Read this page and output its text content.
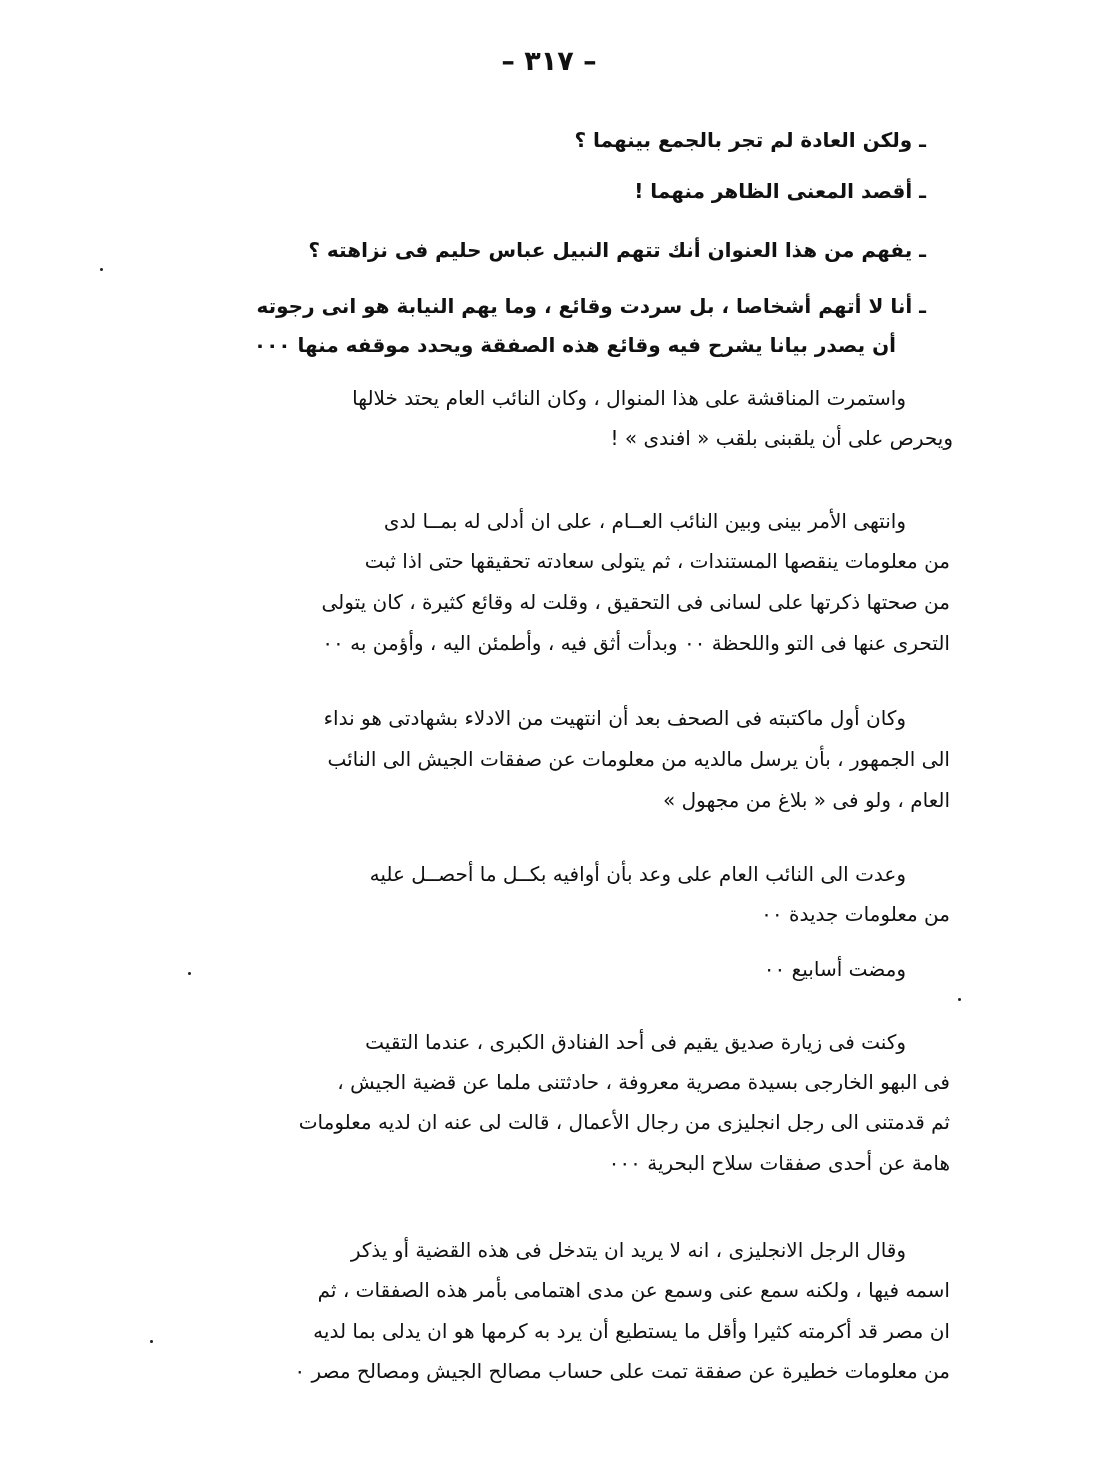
– ٣١٧ –
ـ ولكن العادة لم تجر بالجمع بينهما ؟
ـ أقصد المعنى الظاهر منهما !
ـ يفهم من هذا العنوان أنك تتهم النبيل عباس حليم فى نزاهته ؟
ـ أنا لا أتهم أشخاصا ، بل سردت وقائع ، وما يهم النيابة هو انى رجوته
أن يصدر بيانا يشرح فيه وقائع هذه الصفقة ويحدد موقفه منها ٠٠٠
واستمرت المناقشة على هذا المنوال ، وكان النائب العام يحتد خلالها
ويحرص على أن يلقبنى بلقب « افندى » !
وانتهى الأمر بينى وبين النائب العــام ، على ان أدلى له بمــا لدى
من معلومات ينقصها المستندات ، ثم يتولى سعادته تحقيقها حتى اذا ثبت
من صحتها ذكرتها على لسانى فى التحقيق ، وقلت له وقائع كثيرة ، كان يتولى
التحرى عنها فى التو واللحظة ٠٠ وبدأت أثق فيه ، وأطمئن اليه ، وأؤمن به ٠٠
وكان أول ماكتبته فى الصحف بعد أن انتهيت من الادلاء بشهادتى هو نداء
الى الجمهور ، بأن يرسل مالديه من معلومات عن صفقات الجيش الى النائب
العام ، ولو فى « بلاغ من مجهول »
وعدت الى النائب العام على وعد بأن أوافيه بكــل ما أحصــل عليه
من معلومات جديدة ٠٠
ومضت أسابيع ٠٠
وكنت فى زيارة صديق يقيم فى أحد الفنادق الكبرى ، عندما التقيت
فى البهو الخارجى بسيدة مصرية معروفة ، حادثتنى ملما عن قضية الجيش ،
ثم قدمتنى الى رجل انجليزى من رجال الأعمال ، قالت لى عنه ان لديه معلومات
هامة عن أحدى صفقات سلاح البحرية ٠٠٠
وقال الرجل الانجليزى ، انه لا يريد ان يتدخل فى هذه القضية أو يذكر
اسمه فيها ، ولكنه سمع عنى وسمع عن مدى اهتمامى بأمر هذه الصفقات ، ثم
ان مصر قد أكرمته كثيرا وأقل ما يستطيع أن يرد به كرمها هو ان يدلى بما لديه
من معلومات خطيرة عن صفقة تمت على حساب مصالح الجيش ومصالح مصر ٠
